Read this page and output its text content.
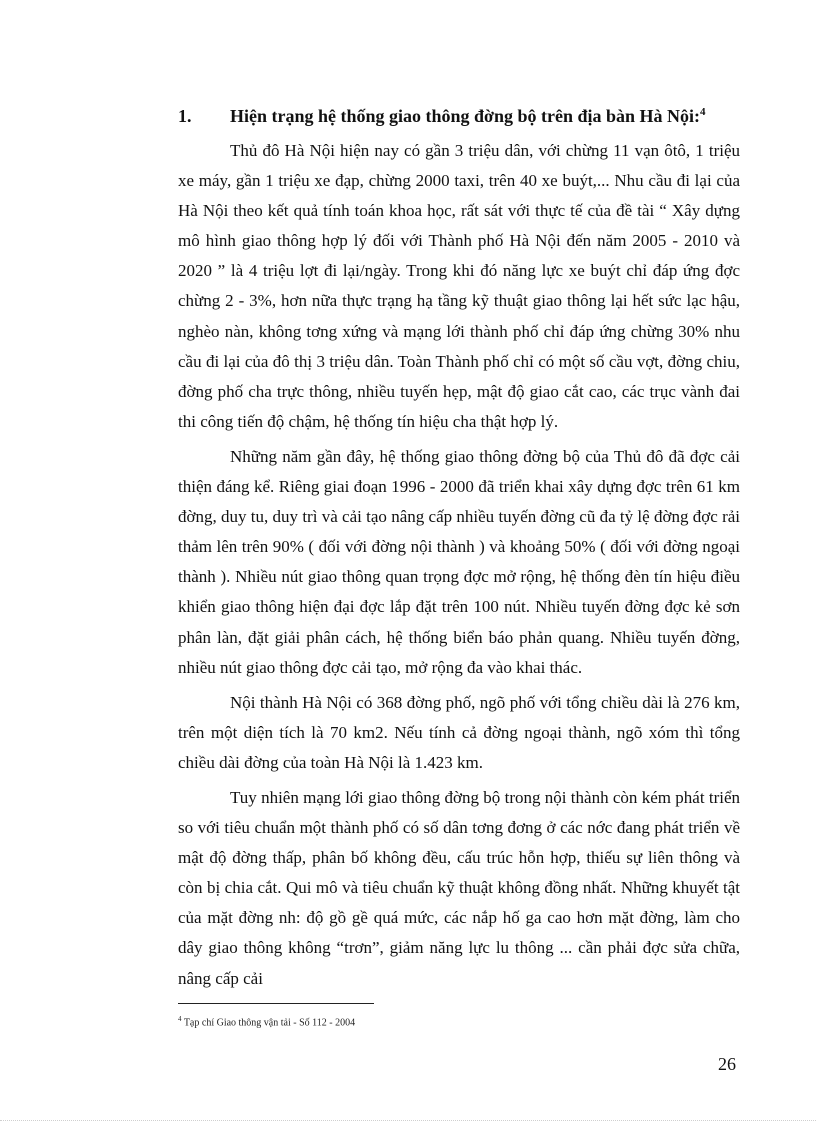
1. Hiện trạng hệ thống giao thông đờng bộ trên địa bàn Hà Nội:$^4$

Thủ đô Hà Nội hiện nay có gần 3 triệu dân, với chừng 11 vạn ôtô, 1 triệu xe máy, gần 1 triệu xe đạp, chừng 2000 taxi, trên 40 xe buýt,... Nhu cầu đi lại của Hà Nội theo kết quả tính toán khoa học, rất sát với thực tế của đề tài “ Xây dựng mô hình giao thông hợp lý đối với Thành phố Hà Nội đến năm 2005 - 2010 và 2020 ” là 4 triệu lợt đi lại/ngày. Trong khi đó năng lực xe buýt chỉ đáp ứng đợc chừng 2 - 3%, hơn nữa thực trạng hạ tầng kỹ thuật giao thông lại hết sức lạc hậu, nghèo nàn, không tơng xứng và mạng lới thành phố chỉ đáp ứng chừng 30% nhu cầu đi lại của đô thị 3 triệu dân. Toàn Thành phố chỉ có một số cầu vợt, đờng chiu, đờng phố cha trực thông, nhiều tuyến hẹp, mật độ giao cắt cao, các trục vành đai thi công tiến độ chậm, hệ thống tín hiệu cha thật hợp lý.

Những năm gần đây, hệ thống giao thông đờng bộ của Thủ đô đã đợc cải thiện đáng kể. Riêng giai đoạn 1996 - 2000 đã triển khai xây dựng đợc trên 61 km đờng, duy tu, duy trì và cải tạo nâng cấp nhiều tuyến đờng cũ đa tỷ lệ đờng đợc rải thảm lên trên 90% ( đối với đờng nội thành ) và khoảng 50% ( đối với đờng ngoại thành ). Nhiều nút giao thông quan trọng đợc mở rộng, hệ thống đèn tín hiệu điều khiển giao thông hiện đại đợc lắp đặt trên 100 nút. Nhiều tuyến đờng đợc kẻ sơn phân làn, đặt giải phân cách, hệ thống biển báo phản quang. Nhiều tuyến đờng, nhiều nút giao thông đợc cải tạo, mở rộng đa vào khai thác.

Nội thành Hà Nội có 368 đờng phố, ngõ phố với tổng chiều dài là 276 km, trên một diện tích là 70 km2. Nếu tính cả đờng ngoại thành, ngõ xóm thì tổng chiều dài đờng của toàn Hà Nội là 1.423 km.

Tuy nhiên mạng lới giao thông đờng bộ trong nội thành còn kém phát triển so với tiêu chuẩn một thành phố có số dân tơng đơng ở các nớc đang phát triển về mật độ đờng thấp, phân bố không đều, cấu trúc hỗn hợp, thiếu sự liên thông và còn bị chia cắt. Qui mô và tiêu chuẩn kỹ thuật không đồng nhất. Những khuyết tật của mặt đờng nh: độ gồ gề quá mức, các nắp hố ga cao hơn mặt đờng, làm cho dây giao thông không “trơn”, giảm năng lực lu thông ... cần phải đợc sửa chữa, nâng cấp cải

$^4$ Tạp chí Giao thông vận tải - Số 112 - 2004
26
